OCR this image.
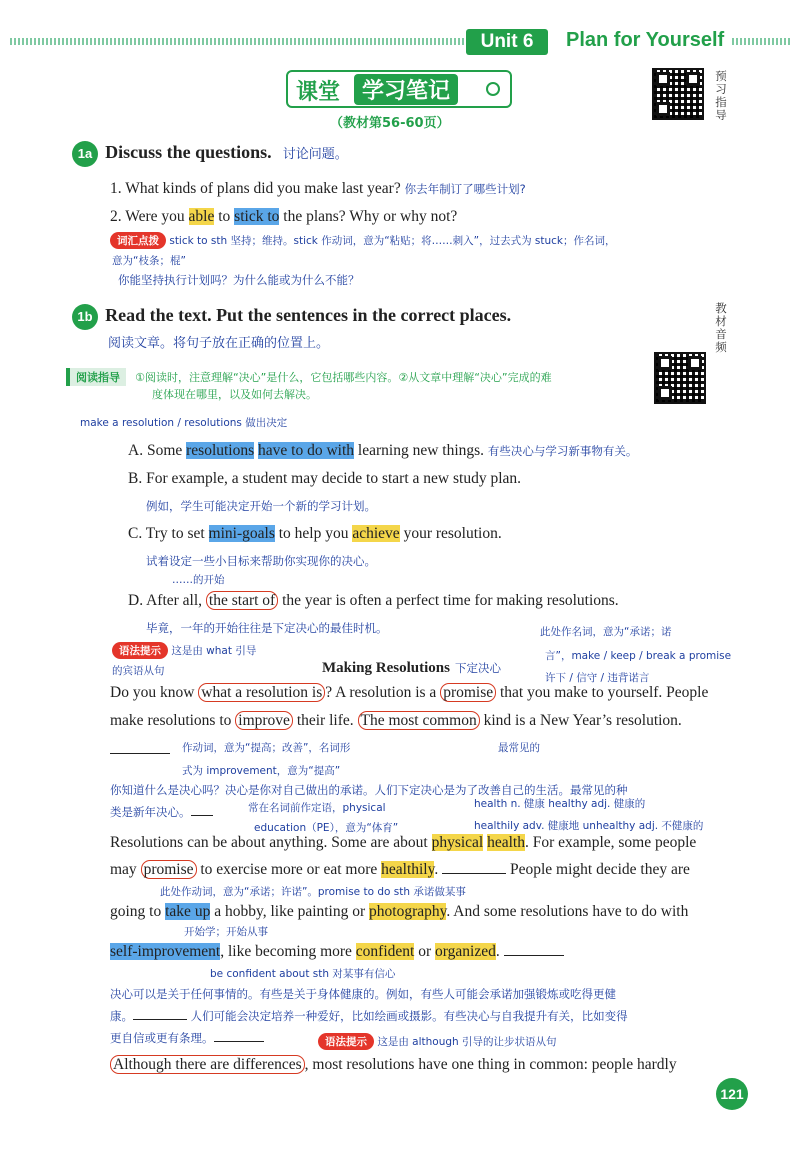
Unit 6	Plan for Yourself
课堂 学习笔记
（教材第56-60页）
预习指导
1a Discuss the questions. 讨论问题。
1. What kinds of plans did you make last year? 你去年制订了哪些计划?
2. Were you able to stick to the plans? Why or why not?
词汇点拨 stick to sth 坚持；维持。stick 作动词，意为“粘贴；将……刺入”，过去式为 stuck；作名词，
意为“枝条；棍”
你能坚持执行计划吗？为什么能或为什么不能？
教材音频
1b Read the text. Put the sentences in the correct places.
阅读文章。将句子放在正确的位置上。
阅读指导 ①阅读时，注意理解“决心”是什么，它包括哪些内容。②从文章中理解“决心”完成的难
度体现在哪里，以及如何去解决。
make a resolution / resolutions 做出决定
A. Some resolutions have to do with learning new things. 有些决心与学习新事物有关。
B. For example, a student may decide to start a new study plan.
例如，学生可能决定开始一个新的学习计划。
C. Try to set mini-goals to help you achieve your resolution.
试着设定一些小目标来帮助你实现你的决心。
……的开始
D. After all, the start of the year is often a perfect time for making resolutions.
毕竟，一年的开始往往是下定决心的最佳时机。
语法提示 这是由 what 引导
的宾语从句	Making Resolutions 下定决心
此处作名词，意为“承诺；诺
言”，make / keep / break a promise
许下 / 信守 / 违背诺言
Do you know what a resolution is ? A resolution is a promise that you make to yourself. People
make resolutions to improve their life. The most common kind is a New Year’s resolution.
作动词，意为“提高；改善”，名词形	最常见的
式为 improvement，意为“提高”
你知道什么是决心吗？决心是你对自己做出的承诺。人们下定决心是为了改善自己的生活。最常见的种
类是新年决心。	常在名词前作定语，physical
education（PE），意为“体育”
health n. 健康 healthy adj. 健康的
healthily adv. 健康地 unhealthy adj. 不健康的
Resolutions can be about anything. Some are about physical health. For example, some people
may promise to exercise more or eat more healthily.	People might decide they are
此处作动词，意为“承诺；许诺”。promise to do sth 承诺做某事
going to take up a hobby, like painting or photography. And some resolutions have to do with
开始学；开始从事
self-improvement, like becoming more confident or organized.
be confident about sth 对某事有信心
决心可以是关于任何事情的。有些是关于身体健康的。例如，有些人可能会承诺加强锻炼或吃得更健
康。	人们可能会决定培养一种爱好，比如绘画或摄影。有些决心与自我提升有关，比如变得
更自信或更有条理。	语法提示 这是由 although 引导的让步状语从句
Although there are differences , most resolutions have one thing in common: people hardly
121
